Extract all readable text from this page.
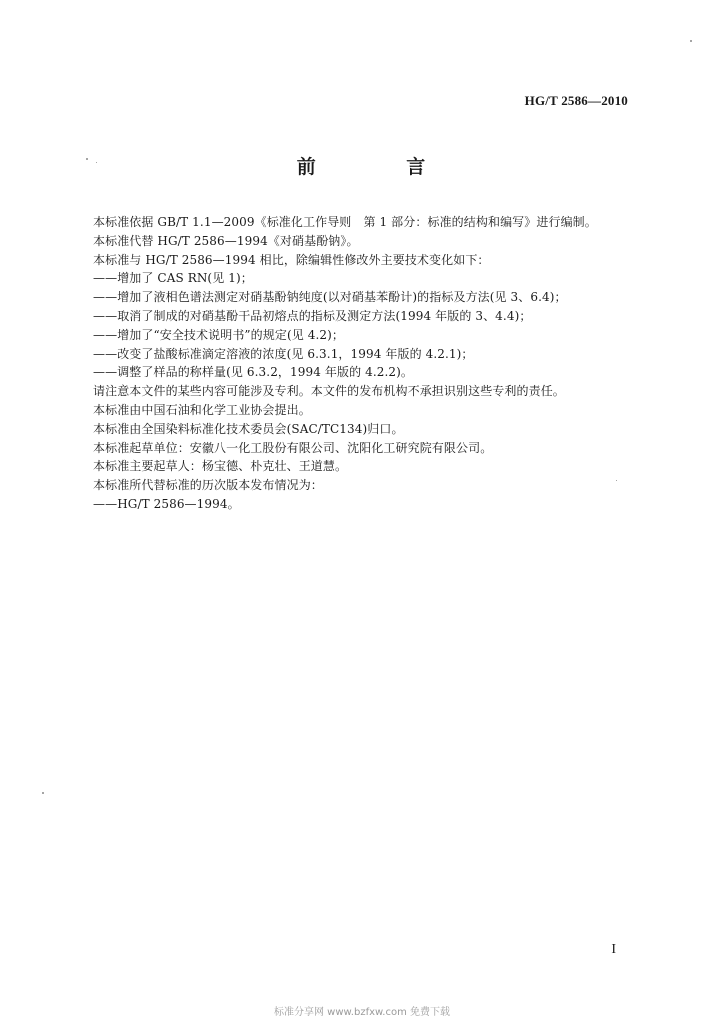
HG/T 2586—2010
前 言
本标准依据 GB/T 1.1—2009《标准化工作导则　第 1 部分：标准的结构和编写》进行编制。
本标准代替 HG/T 2586—1994《对硝基酚钠》。
本标准与 HG/T 2586—1994 相比，除编辑性修改外主要技术变化如下：
——增加了 CAS RN(见 1)；
——增加了液相色谱法测定对硝基酚钠纯度(以对硝基苯酚计)的指标及方法(见 3、6.4)；
——取消了制成的对硝基酚干品初熔点的指标及测定方法(1994 年版的 3、4.4)；
——增加了“安全技术说明书”的规定(见 4.2)；
——改变了盐酸标准滴定溶液的浓度(见 6.3.1，1994 年版的 4.2.1)；
——调整了样品的称样量(见 6.3.2，1994 年版的 4.2.2)。
请注意本文件的某些内容可能涉及专利。本文件的发布机构不承担识别这些专利的责任。
本标准由中国石油和化学工业协会提出。
本标准由全国染料标准化技术委员会(SAC/TC134)归口。
本标准起草单位：安徽八一化工股份有限公司、沈阳化工研究院有限公司。
本标准主要起草人：杨宝德、朴克壮、王道慧。
本标准所代替标准的历次版本发布情况为：
——HG/T 2586—1994。
I
标准分享网 www.bzfxw.com 免费下载
